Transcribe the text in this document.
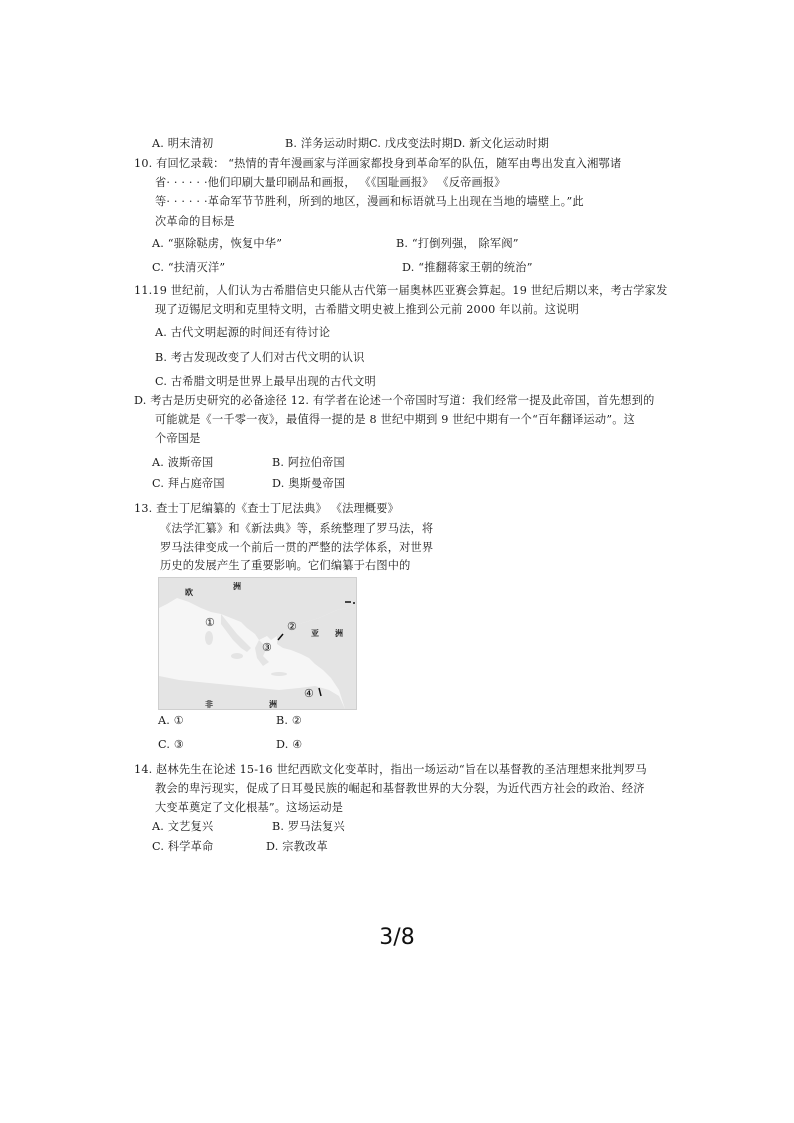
A. 明末清初	B. 洋务运动时期 C. 戊戌变法时期 D. 新文化运动时期
10. 有回忆录载： “热情的青年漫画家与洋画家都投身到革命军的队伍，随军由粤出发直入湘鄂诸
省· · · · · ·他们印刷大量印刷品和画报， 《《国耻画报》 《反帝画报》
等· · · · · ·革命军节节胜利，所到的地区，漫画和标语就马上出现在当地的墙壁上。”此
次革命的目标是
A. “驱除鞑虏，恢复中华”	B. “打倒列强， 除军阀”
C. “扶清灭洋”	D. “推翻蒋家王朝的统治”
11.19 世纪前，人们认为古希腊信史只能从古代第一届奥林匹亚赛会算起。19 世纪后期以来，考古学家发
现了迈锡尼文明和克里特文明，古希腊文明史被上推到公元前 2000 年以前。这说明
A. 古代文明起源的时间还有待讨论
B. 考古发现改变了人们对古代文明的认识
C. 古希腊文明是世界上最早出现的古代文明
D. 考古是历史研究的必备途径 12. 有学者在论述一个帝国时写道：我们经常一提及此帝国，首先想到的
可能就是《一千零一夜》，最值得一提的是 8 世纪中期到 9 世纪中期有一个“百年翻译运动”。这
个帝国是
A. 波斯帝国	B. 阿拉伯帝国
C. 拜占庭帝国	D. 奥斯曼帝国
13. 查士丁尼编纂的《查士丁尼法典》 《法理概要》
《法学汇纂》和《新法典》等，系统整理了罗马法，将
罗马法律变成一个前后一贯的严整的法学体系，对世界
历史的发展产生了重要影响。它们编纂于右图中的
欧
洲
亚 洲
非	洲
①	②
③
④
A. ①	B. ②
C. ③	D. ④
14. 赵林先生在论述 15-16 世纪西欧文化变革时，指出一场运动“旨在以基督教的圣洁理想来批判罗马
教会的卑污现实，促成了日耳曼民族的崛起和基督教世界的大分裂，为近代西方社会的政治、经济
大变革奠定了文化根基”。这场运动是
A. 文艺复兴	B. 罗马法复兴
C. 科学革命	D. 宗教改革
3/8
